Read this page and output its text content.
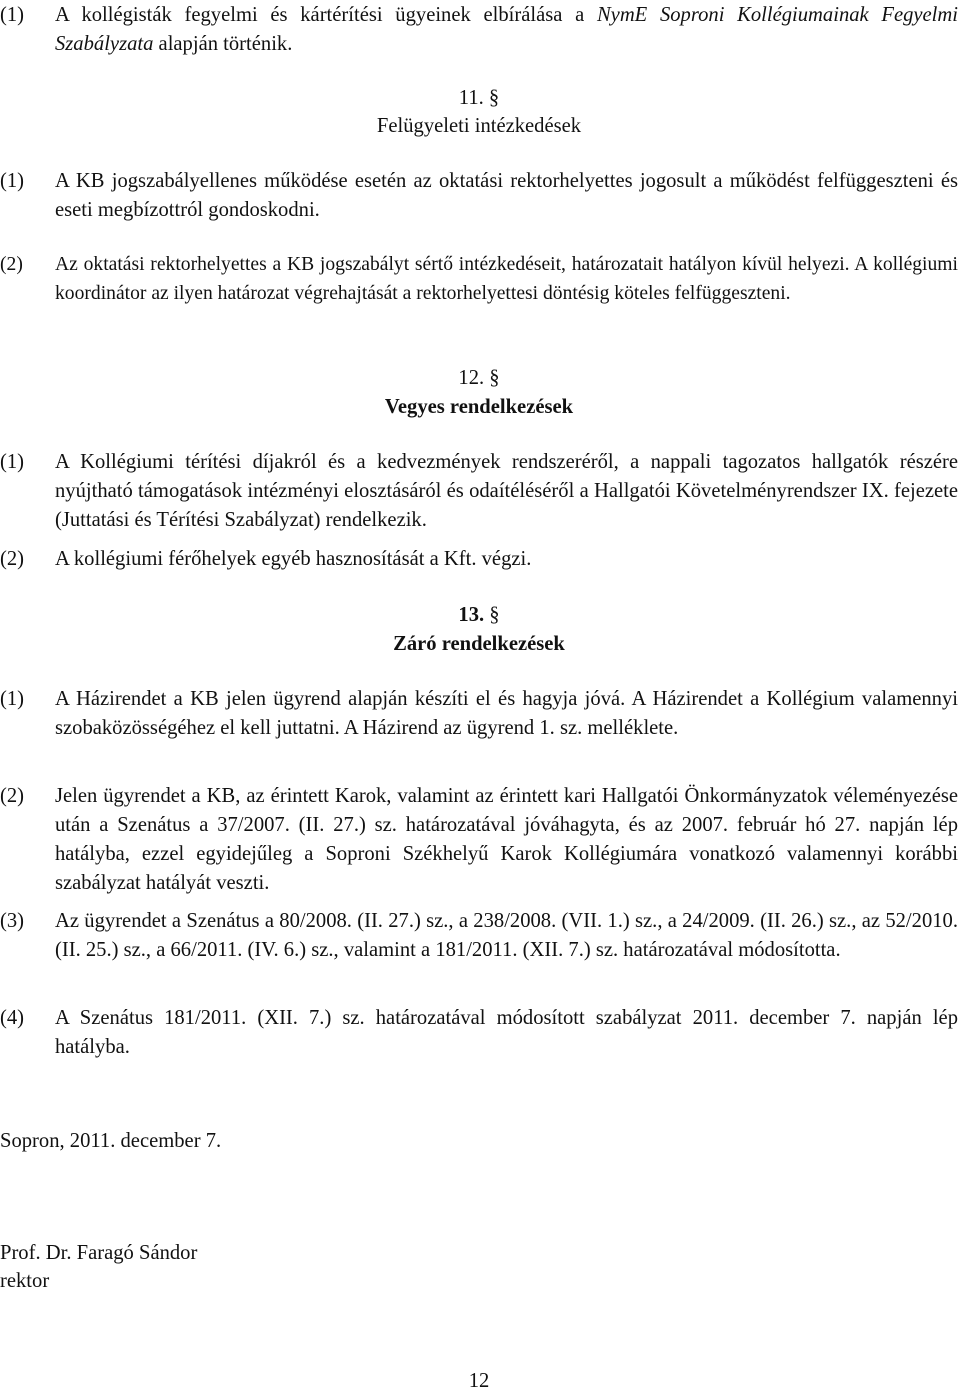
(1) A kollégisták fegyelmi és kártérítési ügyeinek elbírálása a NymE Soproni Kollégiumainak Fegyelmi Szabályzata alapján történik.
11. §
Felügyeleti intézkedések
(1) A KB jogszabályellenes működése esetén az oktatási rektorhelyettes jogosult a működést felfüggeszteni és eseti megbízottról gondoskodni.
(2) Az oktatási rektorhelyettes a KB jogszabályt sértő intézkedéseit, határozatait hatályon kívül helyezi. A kollégiumi koordinátor az ilyen határozat végrehajtását a rektorhelyettesi döntésig köteles felfüggeszteni.
12. §
Vegyes rendelkezések
(1) A Kollégiumi térítési díjakról és a kedvezmények rendszeréről, a nappali tagozatos hallgatók részére nyújtható támogatások intézményi elosztásáról és odaítéléséről a Hallgatói Követelményrendszer IX. fejezete (Juttatási és Térítési Szabályzat) rendelkezik.
(2) A kollégiumi férőhelyek egyéb hasznosítását a Kft. végzi.
13. §
Záró rendelkezések
(1) A Házirendet a KB jelen ügyrend alapján készíti el és hagyja jóvá. A Házirendet a Kollégium valamennyi szobaközösségéhez el kell juttatni. A Házirend az ügyrend 1. sz. melléklete.
(2) Jelen ügyrendet a KB, az érintett Karok, valamint az érintett kari Hallgatói Önkormányzatok véleményezése után a Szenátus a 37/2007. (II. 27.) sz. határozatával jóváhagyta, és az 2007. február hó 27. napján lép hatályba, ezzel egyidejűleg a Soproni Székhelyű Karok Kollégiumára vonatkozó valamennyi korábbi szabályzat hatályát veszti.
(3) Az ügyrendet a Szenátus a 80/2008. (II. 27.) sz., a 238/2008. (VII. 1.) sz., a 24/2009. (II. 26.) sz., az 52/2010. (II. 25.) sz., a 66/2011. (IV. 6.) sz., valamint a 181/2011. (XII. 7.) sz. határozatával módosította.
(4) A Szenátus 181/2011. (XII. 7.) sz. határozatával módosított szabályzat 2011. december 7. napján lép hatályba.
Sopron, 2011. december 7.
Prof. Dr. Faragó Sándor
rektor
12
